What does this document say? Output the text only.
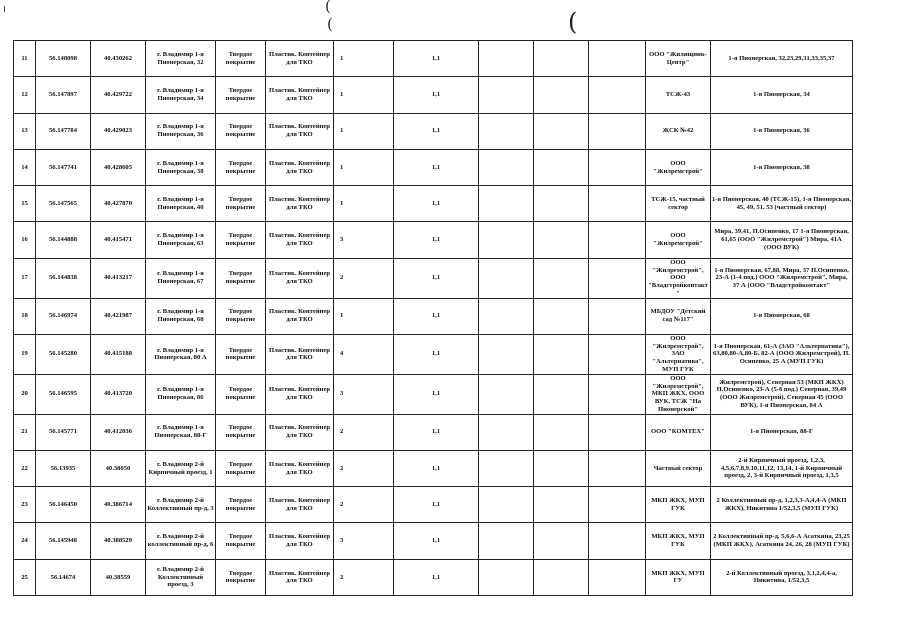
(
(	(
11	56.148098	40.430262	г. Владимир 1-я Пионерская, 32	Твердое покрытие	Пластик. Контейнер для ТКО	1	1,1				ООО "Жилищник-Центр"	1-я Пионерская, 32,23,29,31,33,35,37
12	56.147897	40.429722	г. Владимир 1-я Пионерская, 34	Твердое покрытие	Пластик. Контейнер для ТКО	1	1,1				ТСЖ-43	1-я Пионерская, 34
13	56.147784	40.429023	г. Владимир 1-я Пионерская, 36	Твердое покрытие	Пластик. Контейнер для ТКО	1	1,1				ЖСК №42	1-я Пионерская, 36
14	56.147741	40.428605	г. Владимир 1-я Пионерская, 38	Твердое покрытие	Пластик. Контейнер для ТКО	1	1,1				ООО "Жилремстрой"	1-я Пионерская, 38
15	56.147565	40.427870	г. Владимир 1-я Пионерская, 40	Твердое покрытие	Пластик. Контейнер для ТКО	1	1,1				ТСЖ-15, частный сектор	1-я Пионерская, 40 (ТСЖ-15), 1-я Пионерская, 45, 49, 51, 53 (частный сектор)
16	56.144888	40.415471	г. Владимир 1-я Пионерская, 63	Твердое покрытие	Пластик. Контейнер для ТКО	3	1,1				ООО "Жилремстрой"	Мира, 39,41, П.Осипенко, 17 1-я Пионерская, 61,65 (ООО "Жилремстрой") Мира, 41А (ООО ВУК)
17	56.144838	40.413217	г. Владимир 1-я Пионерская, 67	Твердое покрытие	Пластик. Контейнер для ТКО	2	1,1				ООО "Жилремстрой", ООО "Владстройконтакт"	1-я Пионерская, 67,88, Мира, 37 П.Осипенко, 23-А (1-4 под.) ООО "Жилремстрой", Мира, 37 А (ООО "Владстройконтакт"
18	56.146974	40.421987	г. Владимир 1-я Пионерская, 68	Твердое покрытие	Пластик. Контейнер для ТКО	1	1,1				МБДОУ "Детский сад №117"	1-я Пионерская, 68
19	56.145280	40.415188	г. Владимир 1-я Пионерская, 80 А	Твердое покрытие	Пластик. Контейнер для ТКО	4	1,1				ООО "Жилремстрой", ЗАО "Альтернатива", МУП ГУК	1-я Пионерская, 61-А (ЗАО "Альтернатива"), 63,80,80-А,80-Б, 82-А (ООО Жилремстрой), П. Осипенко, 25 А (МУП ГУК)
20	56.146595	40.413720	г. Владимир 1-я Пионерская, 86	Твердое покрытие	Пластик. Контейнер для ТКО	3	1,1				ООО "Жилремстрой", МКП ЖКХ, ООО ВУК, ТСЖ "На Пионерской"	Жилремстрой), Северная 53 (МКП ЖКХ) П.Осипенко, 23-А (5-6 под.) Северная, 39,49 (ООО Жилремстрой), Северная 45 (ООО ВУК), 1-я Пионерская, 84 А
21	56.145771	40.412036	г. Владимир 1-я Пионерская, 88-Г	Твердое покрытие	Пластик. Контейнер для ТКО	2	1,1				ООО "КОМТЕХ"	1-я Пионерская, 88-Г
22	56.13935	40.38050	г. Владимир 2-й Кирпичный проезд, 1	Твердое покрытие	Пластик. Контейнер для ТКО	2	1,1				Частный сектор	2-й Кирпичный проезд, 1,2,3, 4,5,6,7,8,9,10,11,12, 13,14, 1-й Кирпичный проезд, 2, 3-й Кирпичный проезд, 1,3,5
23	56.146450	40.386714	г. Владимир 2-й Коллективный пр-д, 3	Твердое покрытие	Пластик. Контейнер для ТКО	2	1,1				МКП ЖКХ, МУП ГУК	2 Коллективный пр-д, 1,2,3,3-А,4,4-А (МКП ЖКХ), Никитина 1/52,3,5 (МУП ГУК)
24	56.145948	40.388529	г. Владимир 2-й коллективный пр-д, 6	Твердое покрытие	Пластик. Контейнер для ТКО	3	1,1				МКП ЖКХ, МУП ГУК	2 Коллективный пр-д, 5,6,6-А Асаткина, 23,25 (МКП ЖКХ), Асаткина 24, 26, 28 (МУП ГУК)
25	56.14674	40.38559	г. Владимир 2-й Коллективный проезд, 3	Твердое покрытие	Пластик. Контейнер для ТКО	2	1,1				МКП ЖКХ, МУП ГУ	2-й Коллективный проезд, 3,1,2,4,4-а, Никитина, 1/52,3,5
